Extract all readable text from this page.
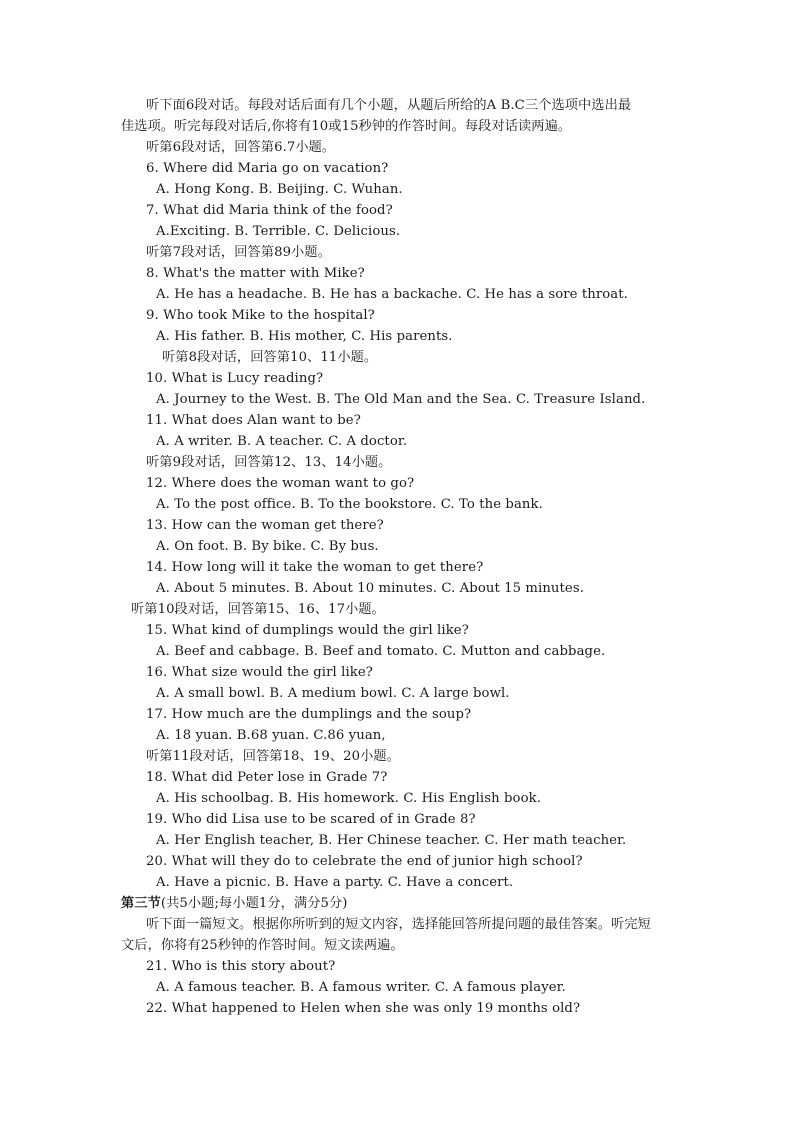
听下面6段对话。每段对话后面有几个小题，从题后所给的A B.C三个选项中选出最
佳选项。听完每段对话后,你将有10或15秒钟的作答时间。每段对话读两遍。
听第6段对话，回答第6.7小题。
6. Where did Maria go on vacation?
A. Hong Kong. B. Beijing. C. Wuhan.
7. What did Maria think of the food?
A.Exciting. B. Terrible. C. Delicious.
听第7段对话，回答第89小题。
8. What's the matter with Mike?
A. He has a headache. B. He has a backache. C. He has a sore throat.
9. Who took Mike to the hospital?
A. His father. B. His mother, C. His parents.
听第8段对话，回答第10、11小题。
10. What is Lucy reading?
A. Journey to the West. B. The Old Man and the Sea. C. Treasure Island.
11. What does Alan want to be?
A. A writer. B. A teacher. C. A doctor.
听第9段对话，回答第12、13、14小题。
12. Where does the woman want to go?
A. To the post office. B. To the bookstore. C. To the bank.
13. How can the woman get there?
A. On foot. B. By bike. C. By bus.
14. How long will it take the woman to get there?
A. About 5 minutes. B. About 10 minutes. C. About 15 minutes.
听第10段对话，回答第15、16、17小题。
15. What kind of dumplings would the girl like?
A. Beef and cabbage. B. Beef and tomato. C. Mutton and cabbage.
16. What size would the girl like?
A. A small bowl. B. A medium bowl. C. A large bowl.
17. How much are the dumplings and the soup?
A. 18 yuan. B.68 yuan. C.86 yuan,
听第11段对话，回答第18、19、20小题。
18. What did Peter lose in Grade 7?
A. His schoolbag. B. His homework. C. His English book.
19. Who did Lisa use to be scared of in Grade 8?
A. Her English teacher, B. Her Chinese teacher. C. Her math teacher.
20. What will they do to celebrate the end of junior high school?
A. Have a picnic. B. Have a party. C. Have a concert.
第三节(共5小题;每小题1分，满分5分)
听下面一篇短文。根据你所听到的短文内容，选择能回答所提问题的最佳答案。听完短
文后，你将有25秒钟的作答时间。短文读两遍。
21. Who is this story about?
A. A famous teacher. B. A famous writer. C. A famous player.
22. What happened to Helen when she was only 19 months old?
